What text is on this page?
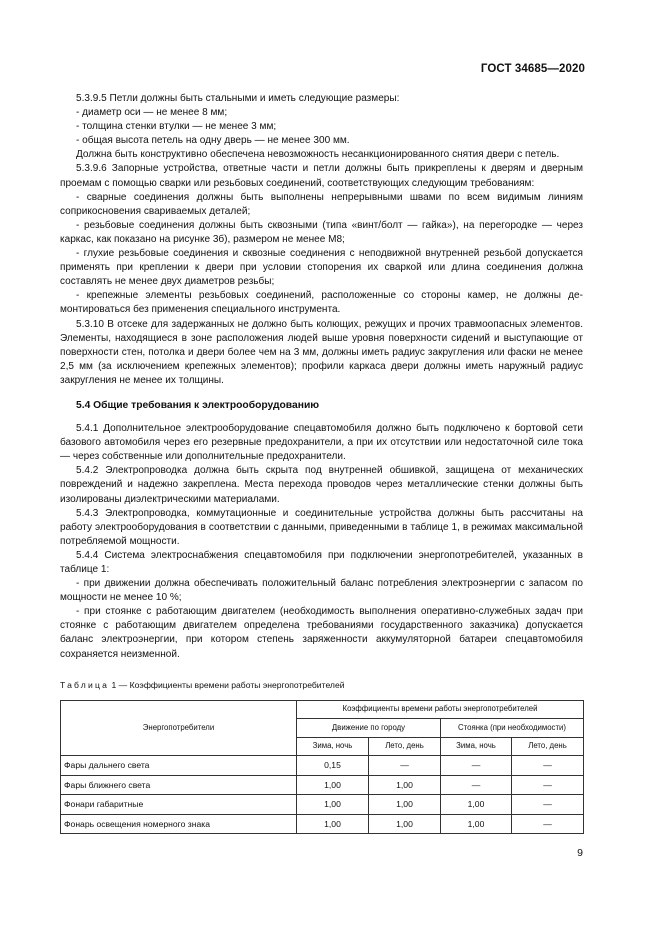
ГОСТ 34685—2020

5.3.9.5 Петли должны быть стальными и иметь следующие размеры:

- диаметр оси — не менее 8 мм;

- толщина стенки втулки — не менее 3 мм;

- общая высота петель на одну дверь — не менее 300 мм.

Должна быть конструктивно обеспечена невозможность несанкционированного снятия двери с петель.

5.3.9.6 Запорные устройства, ответные части и петли должны быть прикреплены к дверям и дверным проемам с помощью сварки или резьбовых соединений, соответствующих следующим требованиям:

- сварные соединения должны быть выполнены непрерывными швами по всем видимым линиям соприкосновения свариваемых деталей;

- резьбовые соединения должны быть сквозными (типа «винт/болт — гайка»), на перегородке — через каркас, как показано на рисунке 3б), размером не менее М8;

- глухие резьбовые соединения и сквозные соединения с неподвижной внутренней резьбой допускается применять при креплении к двери при условии стопорения их сваркой или длина соединения должна составлять не менее двух диаметров резьбы;

- крепежные элементы резьбовых соединений, расположенные со стороны камер, не должны демонтироваться без применения специального инструмента.

5.3.10 В отсеке для задержанных не должно быть колющих, режущих и прочих травмоопасных элементов. Элементы, находящиеся в зоне расположения людей выше уровня поверхности сидений и выступающие от поверхности стен, потолка и двери более чем на 3 мм, должны иметь радиус закругления или фаски не менее 2,5 мм (за исключением крепежных элементов); профили каркаса двери должны иметь наружный радиус закругления не менее их толщины.

5.4 Общие требования к электрооборудованию

5.4.1 Дополнительное электрооборудование спецавтомобиля должно быть подключено к бортовой сети базового автомобиля через его резервные предохранители, а при их отсутствии или недостаточной силе тока — через собственные или дополнительные предохранители.

5.4.2 Электропроводка должна быть скрыта под внутренней обшивкой, защищена от механических повреждений и надежно закреплена. Места перехода проводов через металлические стенки должны быть изолированы диэлектрическими материалами.

5.4.3 Электропроводка, коммутационные и соединительные устройства должны быть рассчитаны на работу электрооборудования в соответствии с данными, приведенными в таблице 1, в режимах максимальной потребляемой мощности.

5.4.4 Система электроснабжения спецавтомобиля при подключении энергопотребителей, указанных в таблице 1:

- при движении должна обеспечивать положительный баланс потребления электроэнергии с запасом по мощности не менее 10 %;

- при стоянке с работающим двигателем (необходимость выполнения оперативно-служебных задач при стоянке с работающим двигателем определена требованиями государственного заказчика) допускается баланс электроэнергии, при котором степень заряженности аккумуляторной батареи спецавтомобиля сохраняется неизменной.

Таблица 1 — Коэффициенты времени работы энергопотребителей

Энергопотребители	Коэффициенты времени работы энергопотребителей			
	Движение по городу		Стоянка (при необходимости)	
	Зима, ночь	Лето, день	Зима, ночь	Лето, день
Фары дальнего света	0,15	—	—	—
Фары ближнего света	1,00	1,00	—	—
Фонари габаритные	1,00	1,00	1,00	—
Фонарь освещения номерного знака	1,00	1,00	1,00	—
9
